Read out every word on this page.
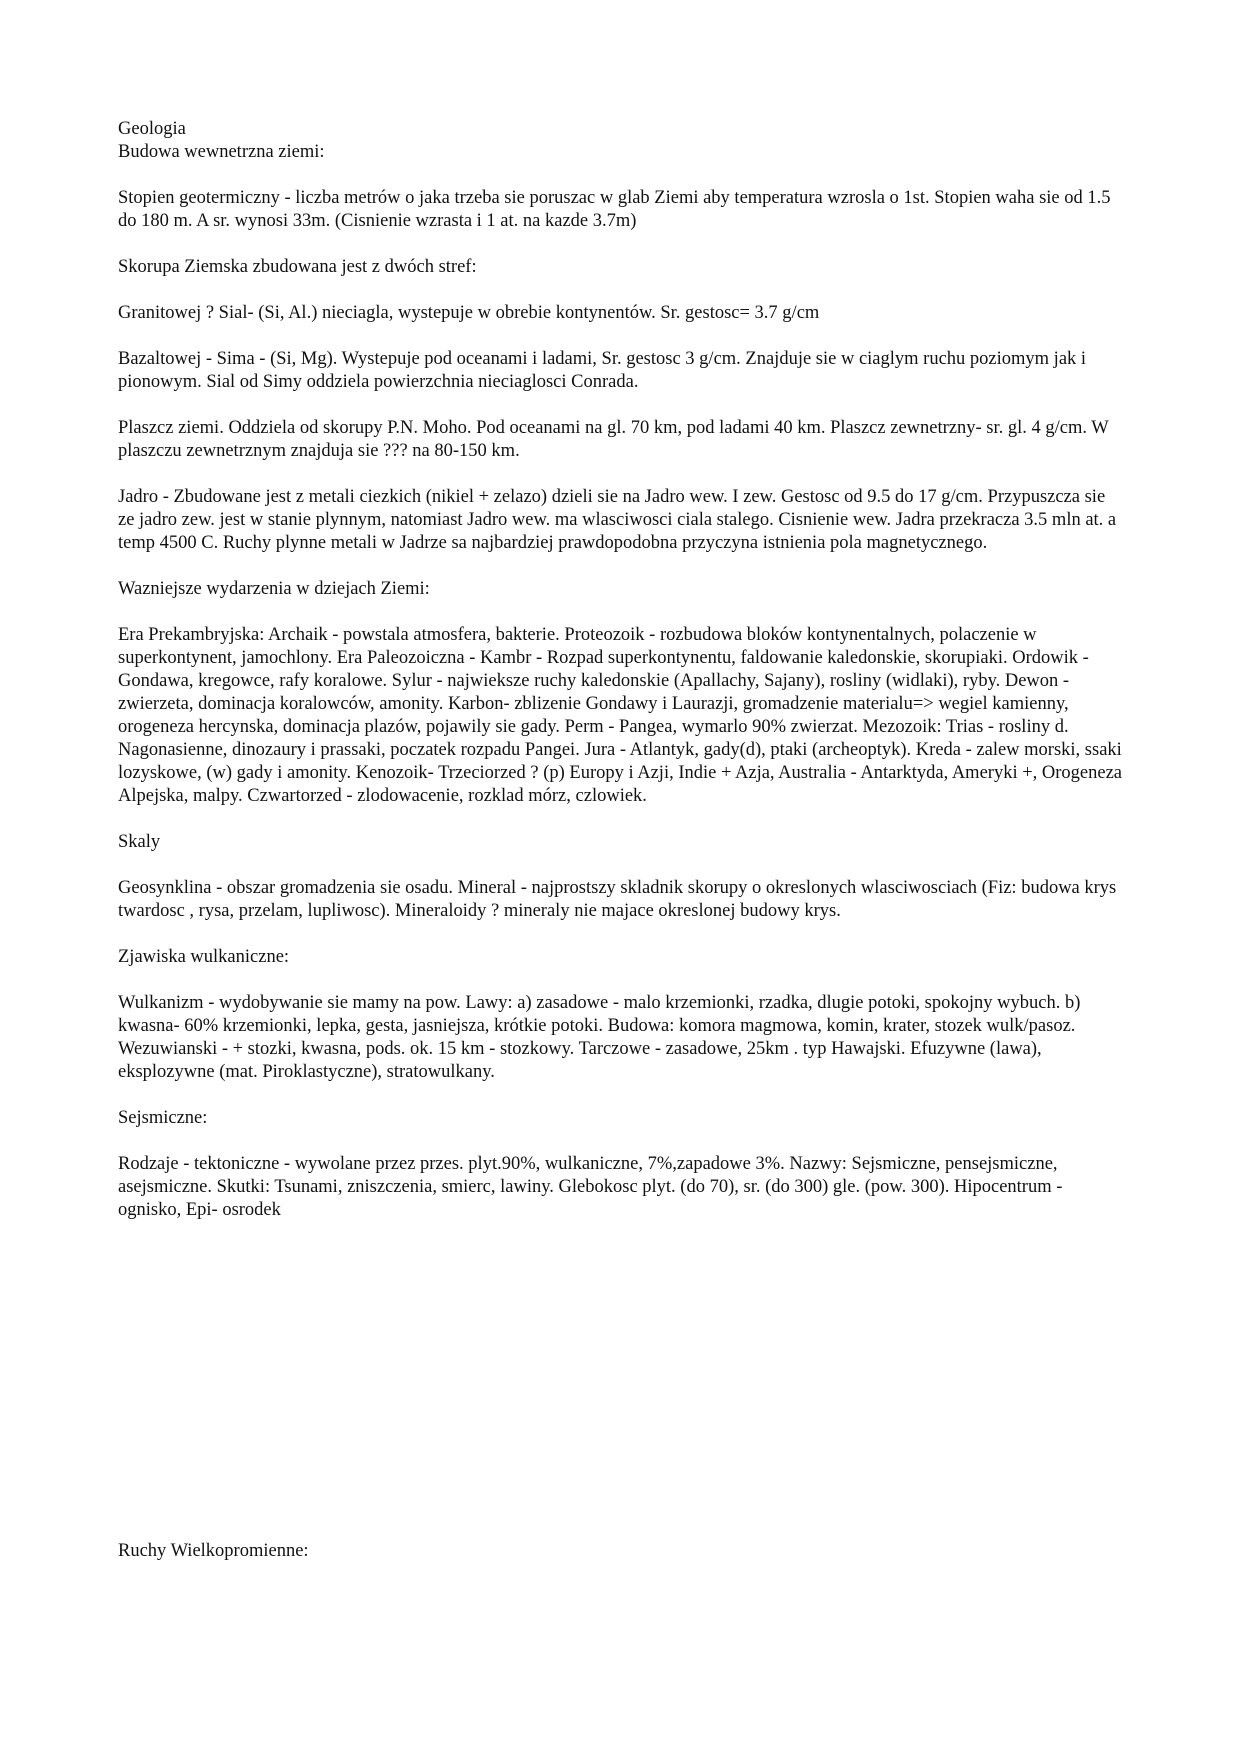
Geologia

Budowa wewnetrzna ziemi:

Stopien geotermiczny - liczba metrów o jaka trzeba sie poruszac w glab Ziemi aby temperatura wzrosla o 1st. Stopien waha sie od 1.5 do 180 m. A sr. wynosi 33m. (Cisnienie wzrasta i 1 at. na kazde 3.7m)

Skorupa Ziemska zbudowana jest z dwóch stref:

Granitowej ? Sial- (Si, Al.) nieciagla, wystepuje w obrebie kontynentów. Sr. gestosc= 3.7 g/cm

Bazaltowej - Sima - (Si, Mg). Wystepuje pod oceanami i ladami, Sr. gestosc 3 g/cm. Znajduje sie w ciaglym ruchu poziomym jak i pionowym. Sial od Simy oddziela powierzchnia nieciaglosci Conrada.

Plaszcz ziemi. Oddziela od skorupy P.N. Moho. Pod oceanami na gl. 70 km, pod ladami 40 km. Plaszcz zewnetrzny- sr. gl. 4 g/cm. W plaszczu zewnetrznym znajduja sie ??? na 80-150 km.

Jadro - Zbudowane jest z metali ciezkich (nikiel + zelazo) dzieli sie na Jadro wew. I zew. Gestosc od 9.5 do 17 g/cm. Przypuszcza sie ze jadro zew. jest w stanie plynnym, natomiast Jadro wew. ma wlasciwosci ciala stalego. Cisnienie wew. Jadra przekracza 3.5 mln at. a temp 4500 C. Ruchy plynne metali w Jadrze sa najbardziej prawdopodobna przyczyna istnienia pola magnetycznego.

Wazniejsze wydarzenia w dziejach Ziemi:

Era Prekambryjska: Archaik - powstala atmosfera, bakterie. Proteozoik - rozbudowa bloków kontynentalnych, polaczenie w superkontynent, jamochlony. Era Paleozoiczna - Kambr - Rozpad superkontynentu, faldowanie kaledonskie, skorupiaki. Ordowik - Gondawa, kregowce, rafy koralowe. Sylur - najwieksze ruchy kaledonskie (Apallachy, Sajany), rosliny (widlaki), ryby. Dewon - zwierzeta, dominacja koralowców, amonity. Karbon- zblizenie Gondawy i Laurazji, gromadzenie materialu=> wegiel kamienny, orogeneza hercynska, dominacja plazów, pojawily sie gady. Perm - Pangea, wymarlo 90% zwierzat. Mezozoik: Trias - rosliny d. Nagonasienne, dinozaury i prassaki, poczatek rozpadu Pangei. Jura - Atlantyk, gady(d), ptaki (archeoptyk). Kreda - zalew morski, ssaki lozyskowe, (w) gady i amonity. Kenozoik- Trzeciorzed ? (p) Europy i Azji, Indie + Azja, Australia - Antarktyda, Ameryki +, Orogeneza Alpejska, malpy. Czwartorzed - zlodowacenie, rozklad mórz, czlowiek.

Skaly

Geosynklina - obszar gromadzenia sie osadu. Mineral - najprostszy skladnik skorupy o okreslonych wlasciwosciach (Fiz: budowa krys twardosc , rysa, przelam, lupliwosc). Mineraloidy ? mineraly nie majace okreslonej budowy krys.

Zjawiska wulkaniczne:

Wulkanizm - wydobywanie sie mamy na pow. Lawy: a) zasadowe - malo krzemionki, rzadka, dlugie potoki, spokojny wybuch. b) kwasna- 60% krzemionki, lepka, gesta, jasniejsza, krótkie potoki. Budowa: komora magmowa, komin, krater, stozek wulk/pasoz. Wezuwianski - + stozki, kwasna, pods. ok. 15 km - stozkowy. Tarczowe - zasadowe, 25km . typ Hawajski. Efuzywne (lawa), eksplozywne (mat. Piroklastyczne), stratowulkany.

Sejsmiczne:

Rodzaje - tektoniczne - wywolane przez przes. plyt.90%, wulkaniczne, 7%,zapadowe 3%. Nazwy: Sejsmiczne, pensejsmiczne, asejsmiczne. Skutki: Tsunami, zniszczenia, smierc, lawiny. Glebokosc plyt. (do 70), sr. (do 300) gle. (pow. 300). Hipocentrum - ognisko, Epi- osrodek

Ruchy Wielkopromienne:
